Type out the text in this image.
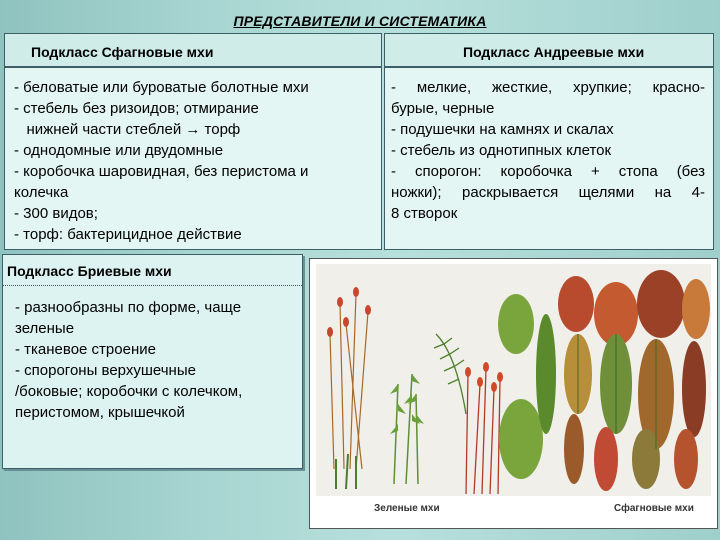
ПРЕДСТАВИТЕЛИ И СИСТЕМАТИКА
Подкласс Сфагновые мхи
- беловатые или буроватые болотные мхи
- стебель без ризоидов; отмирание
нижней части стеблей → торф
- однодомные или двудомные
- коробочка шаровидная, без перистома и
колечка
- 300 видов;
- торф: бактерицидное действие
Подкласс Андреевые мхи
- мелкие, жесткие, хрупкие; красно-
бурые, черные
- подушечки на камнях и скалах
- стебель из однотипных клеток
- спорогон: коробочка + стопа (без
ножки); раскрывается щелями на 4-
8 створок
Подкласс Бриевые мхи
- разнообразны по форме, чаще
зеленые
- тканевое строение
- спорогоны верхушечные
/боковые; коробочки с колечком,
перистомом, крышечкой
Зеленые мхи	Сфагновые мхи
